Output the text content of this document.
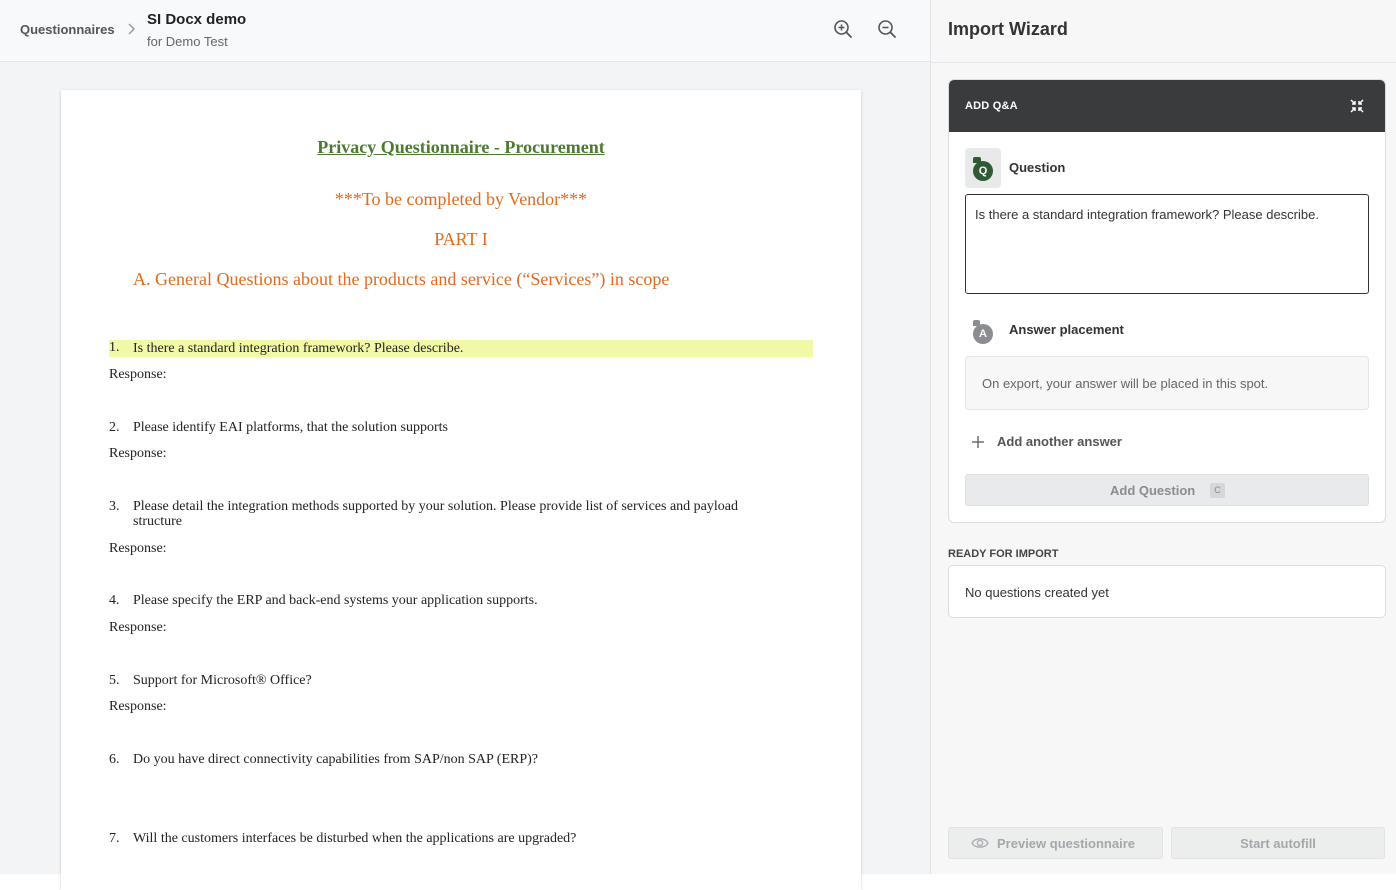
Questionnaires
SI Docx demo
for Demo Test
Privacy Questionnaire - Procurement
***To be completed by Vendor***
PART I
A. General Questions about the products and service (“Services”) in scope
1. Is there a standard integration framework? Please describe.
Response:
2. Please identify EAI platforms, that the solution supports
Response:
3. Please detail the integration methods supported by your solution. Please provide list of services and payload structure
Response:
4. Please specify the ERP and back-end systems your application supports.
Response:
5. Support for Microsoft® Office?
Response:
6. Do you have direct connectivity capabilities from SAP/non SAP (ERP)?
7. Will the customers interfaces be disturbed when the applications are upgraded?
Import Wizard
ADD Q&A
Q	Question
Is there a standard integration framework? Please describe.
A	Answer placement
On export, your answer will be placed in this spot.
Add another answer
Add Question	C
READY FOR IMPORT
No questions created yet
Preview questionnaire	Start autofill
